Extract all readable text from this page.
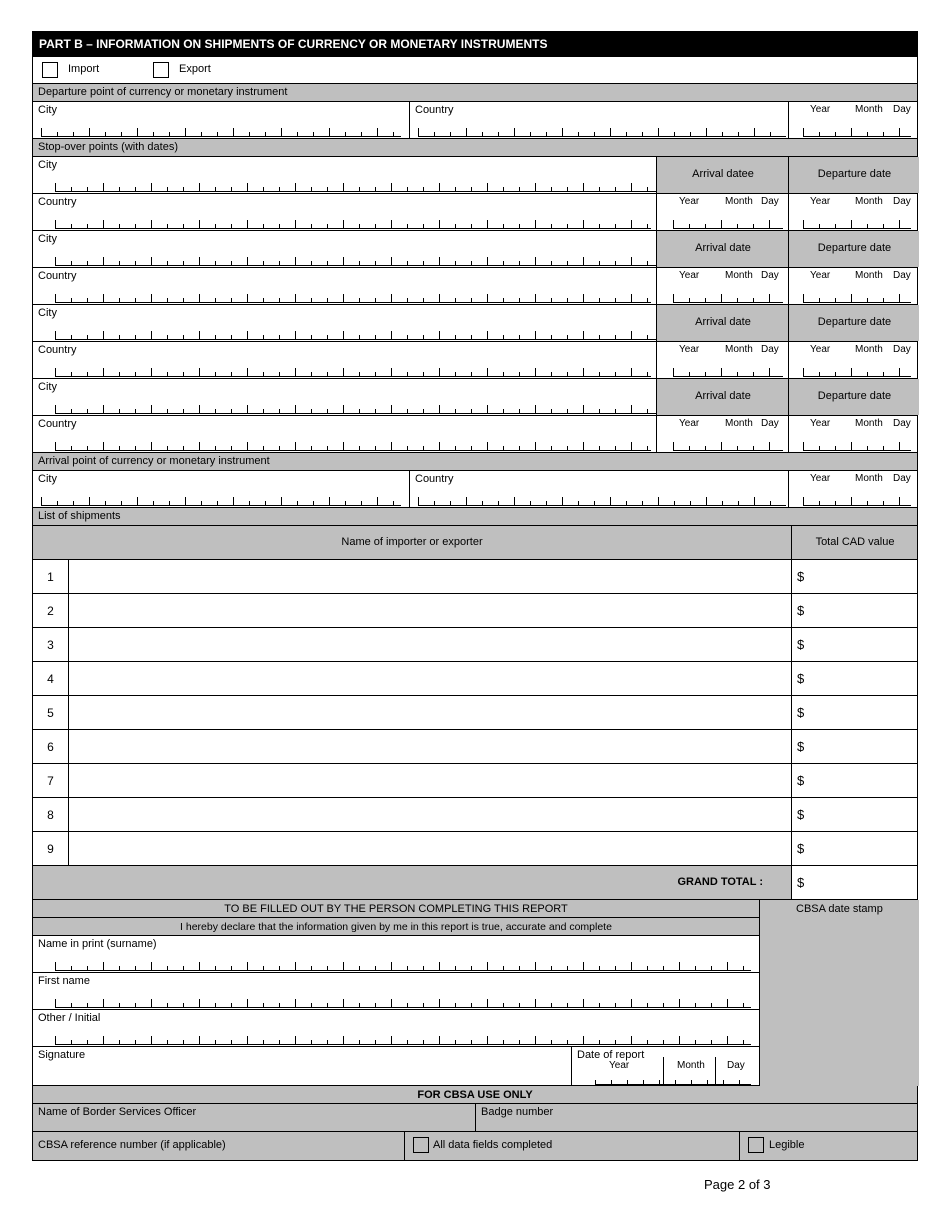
PART B – INFORMATION ON SHIPMENTS OF CURRENCY OR MONETARY INSTRUMENTS
Import	Export
Departure point of currency or monetary instrument
City	Country	Year Month Day
Stop-over points (with dates)
City
Arrival datee	Departure date
Country	Year	Month Day	Year Month Day
City
Arrival date	Departure date
Country	Year	Month Day	Year Month Day
City
Arrival date	Departure date
Country	Year	Month Day	Year Month Day
City
Arrival date	Departure date
Country	Year	Month Day	Year Month Day
Arrival point of currency or monetary instrument
City	Country	Year Month Day
List of shipments
Name of importer or exporter	Total CAD value
1	$
2	$
3	$
4	$
5	$
6	$
7	$
8	$
9	$
GRAND TOTAL :	$
CBSA date stamp
TO BE FILLED OUT BY THE PERSON COMPLETING THIS REPORT
I hereby declare that the information given by me in this report is true, accurate and complete
Name in print (surname)
First name
Other / Initial
Signature	Date of report
Year	Month Day
FOR CBSA USE ONLY
Name of Border Services Officer	Badge number
CBSA reference number (if applicable)	All data fields completed	Legible
Page 2 of 3
